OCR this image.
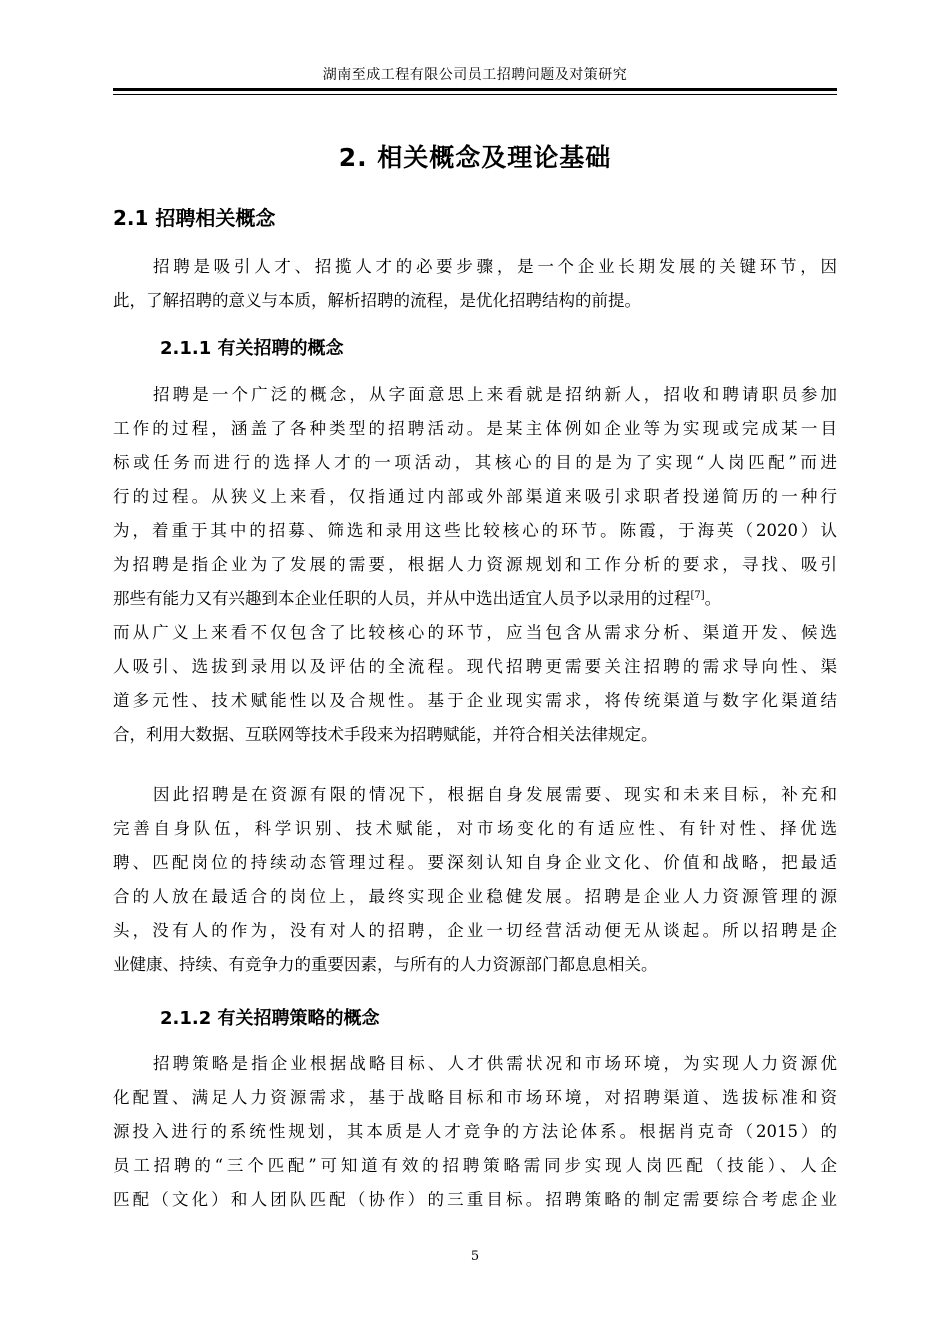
湖南至成工程有限公司员工招聘问题及对策研究
2. 相关概念及理论基础
2.1 招聘相关概念
招聘是吸引人才、招揽人才的必要步骤，是一个企业长期发展的关键环节，因
此，了解招聘的意义与本质，解析招聘的流程，是优化招聘结构的前提。
2.1.1 有关招聘的概念
招聘是一个广泛的概念，从字面意思上来看就是招纳新人，招收和聘请职员参加
工作的过程，涵盖了各种类型的招聘活动。是某主体例如企业等为实现或完成某一目
标或任务而进行的选择人才的一项活动，其核心的目的是为了实现“人岗匹配”而进
行的过程。从狭义上来看，仅指通过内部或外部渠道来吸引求职者投递简历的一种行
为，着重于其中的招募、筛选和录用这些比较核心的环节。陈霞，于海英（2020）认
为招聘是指企业为了发展的需要，根据人力资源规划和工作分析的要求，寻找、吸引
那些有能力又有兴趣到本企业任职的人员，并从中选出适宜人员予以录用的过程[7]。
而从广义上来看不仅包含了比较核心的环节，应当包含从需求分析、渠道开发、候选
人吸引、选拔到录用以及评估的全流程。现代招聘更需要关注招聘的需求导向性、渠
道多元性、技术赋能性以及合规性。基于企业现实需求，将传统渠道与数字化渠道结
合，利用大数据、互联网等技术手段来为招聘赋能，并符合相关法律规定。
因此招聘是在资源有限的情况下，根据自身发展需要、现实和未来目标，补充和
完善自身队伍，科学识别、技术赋能，对市场变化的有适应性、有针对性、择优选
聘、匹配岗位的持续动态管理过程。要深刻认知自身企业文化、价值和战略，把最适
合的人放在最适合的岗位上，最终实现企业稳健发展。招聘是企业人力资源管理的源
头，没有人的作为，没有对人的招聘，企业一切经营活动便无从谈起。所以招聘是企
业健康、持续、有竞争力的重要因素，与所有的人力资源部门都息息相关。
2.1.2 有关招聘策略的概念
招聘策略是指企业根据战略目标、人才供需状况和市场环境，为实现人力资源优
化配置、满足人力资源需求，基于战略目标和市场环境，对招聘渠道、选拔标准和资
源投入进行的系统性规划，其本质是人才竞争的方法论体系。根据肖克奇（2015）的
员工招聘的“三个匹配”可知道有效的招聘策略需同步实现人岗匹配（技能）、人企
匹配（文化）和人团队匹配（协作）的三重目标。招聘策略的制定需要综合考虑企业
5
